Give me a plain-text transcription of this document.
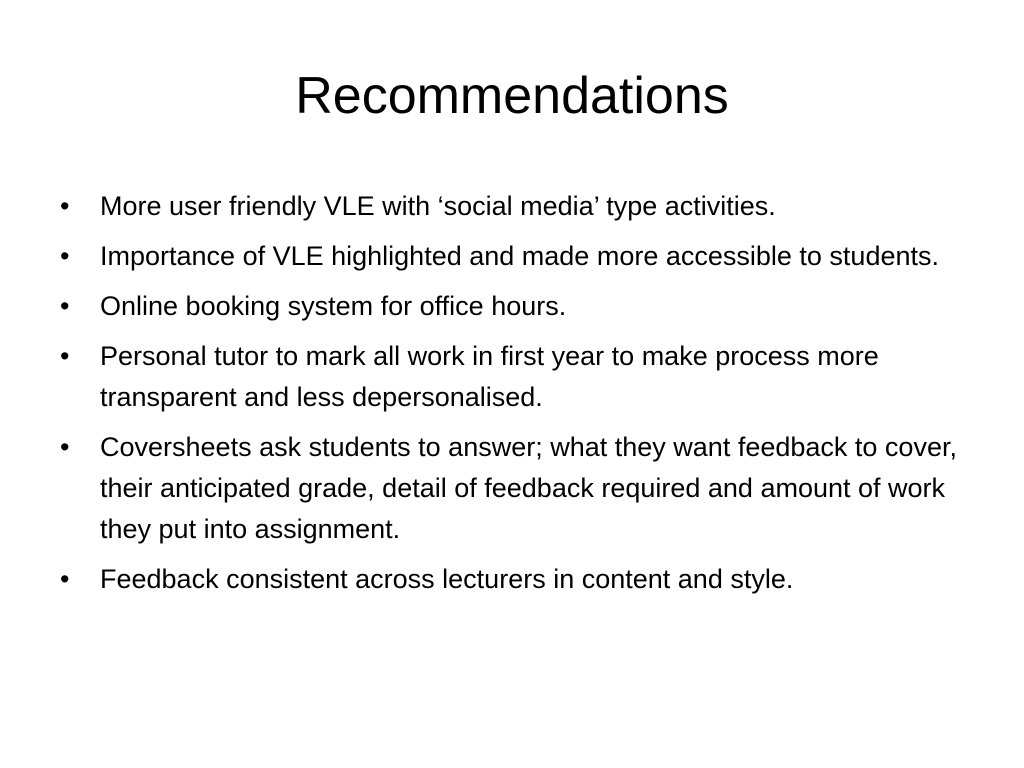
Recommendations
•	More user friendly VLE with ‘social media’ type activities.
•	Importance of VLE highlighted and made more accessible to students.
•	Online booking system for office hours.
•	Personal tutor to mark all work in first year to make process more transparent and less depersonalised.
•	Coversheets ask students to answer; what they want feedback to cover, their anticipated grade, detail of feedback required and amount of work they put into assignment.
•	Feedback consistent across lecturers in content and style.
